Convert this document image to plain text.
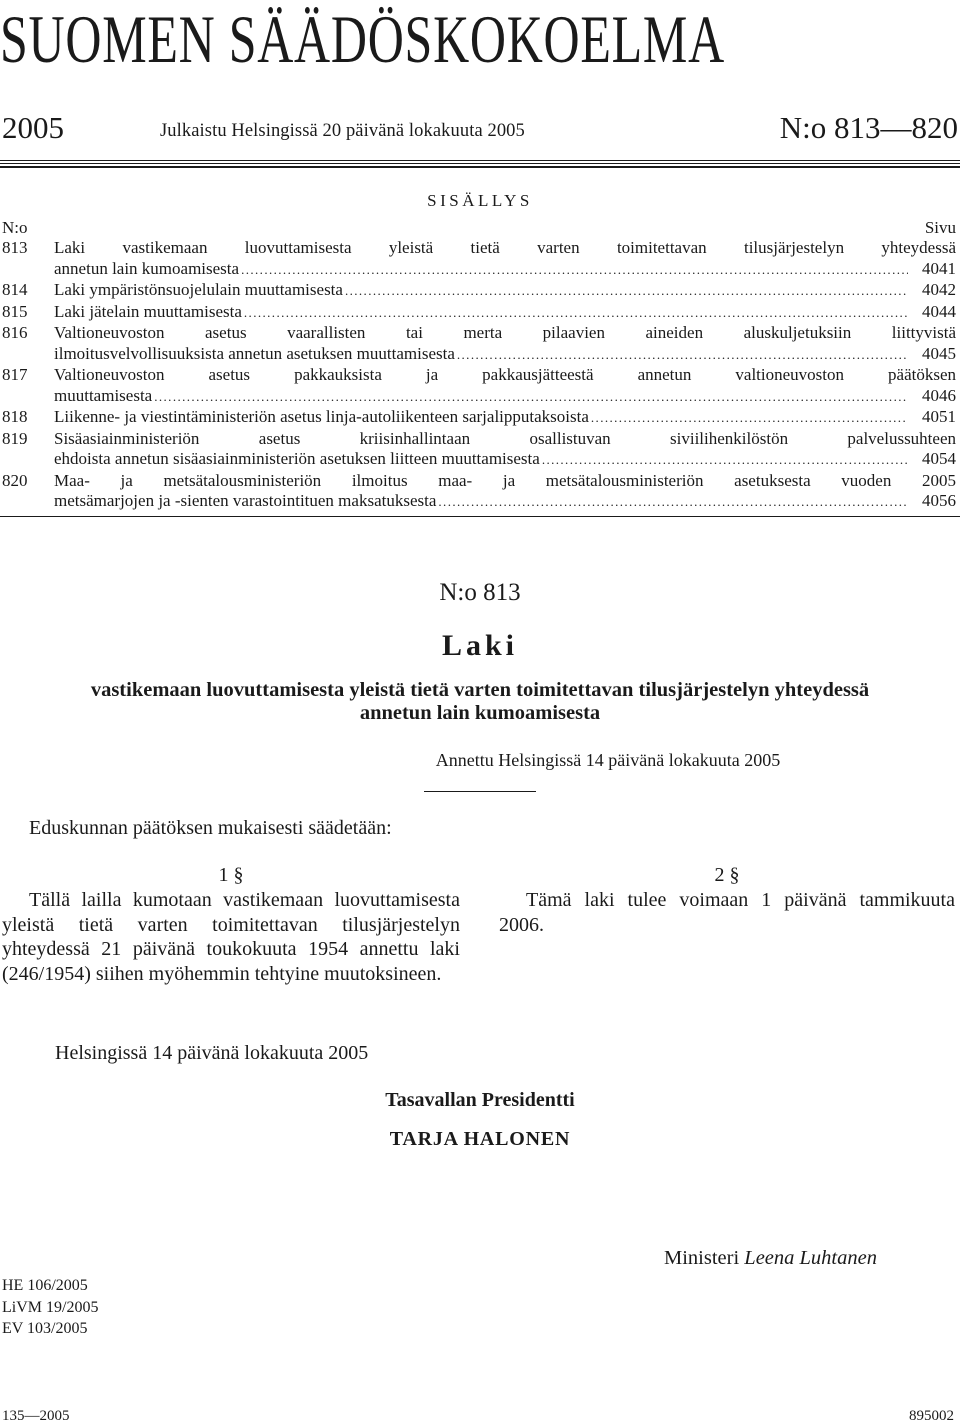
SUOMEN SÄÄDÖSKOKOELMA
2005	Julkaistu Helsingissä 20 päivänä lokakuuta 2005	N:o 813—820
SISÄLLYS
N:o	Sivu
813	Laki vastikemaan luovuttamisesta yleistä tietä varten toimitettavan tilusjärjestelyn yhteydessä
annetun lain kumoamisesta .....	4041
814	Laki ympäristönsuojelulain muuttamisesta .....	4042
815	Laki jätelain muuttamisesta .....	4044
816	Valtioneuvoston asetus vaarallisten tai merta pilaavien aineiden aluskuljetuksiin liittyvistä
ilmoitusvelvollisuuksista annetun asetuksen muuttamisesta .....	4045
817	Valtioneuvoston asetus pakkauksista ja pakkausjätteestä annetun valtioneuvoston päätöksen
muuttamisesta .....	4046
818	Liikenne- ja viestintäministeriön asetus linja-autoliikenteen sarjalipputaksoista .....	4051
819	Sisäasiainministeriön asetus kriisinhallintaan osallistuvan siviilihenkilöstön palvelussuhteen
ehdoista annetun sisäasiainministeriön asetuksen liitteen muuttamisesta .....	4054
820	Maa- ja metsätalousministeriön ilmoitus maa- ja metsätalousministeriön asetuksesta vuoden 2005
metsämarjojen ja -sienten varastointituen maksatuksesta .....	4056
N:o 813
Laki
vastikemaan luovuttamisesta yleistä tietä varten toimitettavan tilusjärjestelyn yhteydessä
annetun lain kumoamisesta
Annettu Helsingissä 14 päivänä lokakuuta 2005
Eduskunnan päätöksen mukaisesti säädetään:
1 §

Tällä lailla kumotaan vastikemaan luovuttamisesta yleistä tietä varten toimitettavan tilusjärjestelyn yhteydessä 21 päivänä toukokuuta 1954 annettu laki (246/1954) siihen myöhemmin tehtyine muutoksineen.

2 §

Tämä laki tulee voimaan 1 päivänä tammikuuta 2006.

Helsingissä 14 päivänä lokakuuta 2005
Tasavallan Presidentti
TARJA HALONEN
Ministeri Leena Luhtanen
HE 106/2005
LiVM 19/2005
EV 103/2005
135—2005	895002
